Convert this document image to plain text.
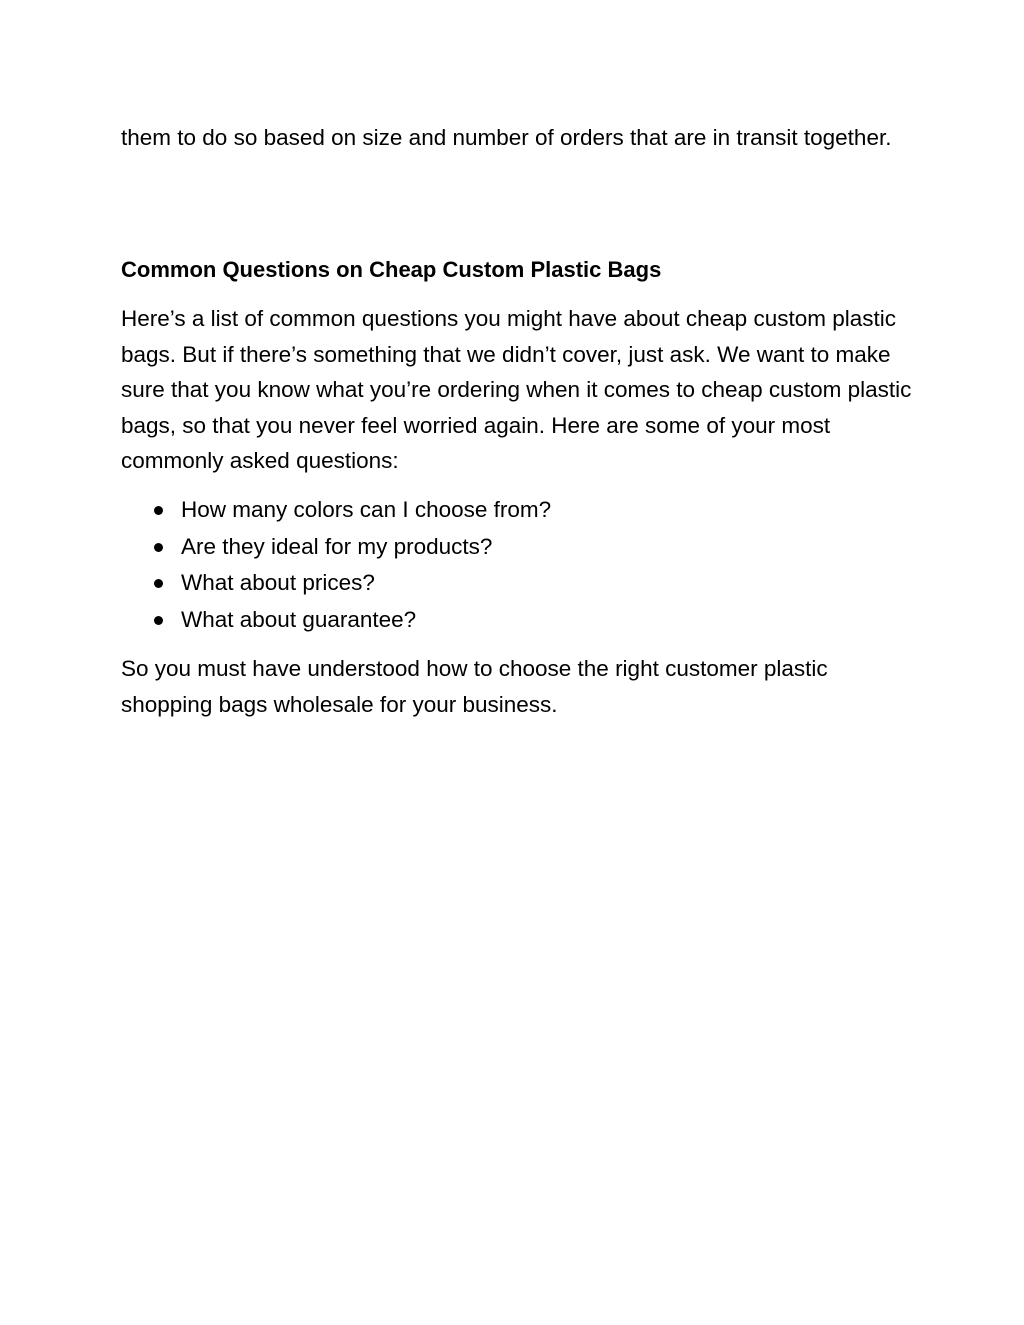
them to do so based on size and number of orders that are in transit together.

Common Questions on Cheap Custom Plastic Bags

Here’s a list of common questions you might have about cheap custom plastic bags. But if there’s something that we didn’t cover, just ask. We want to make sure that you know what you’re ordering when it comes to cheap custom plastic bags, so that you never feel worried again. Here are some of your most commonly asked questions:

How many colors can I choose from?
Are they ideal for my products?
What about prices?
What about guarantee?

So you must have understood how to choose the right customer plastic shopping bags wholesale for your business.
